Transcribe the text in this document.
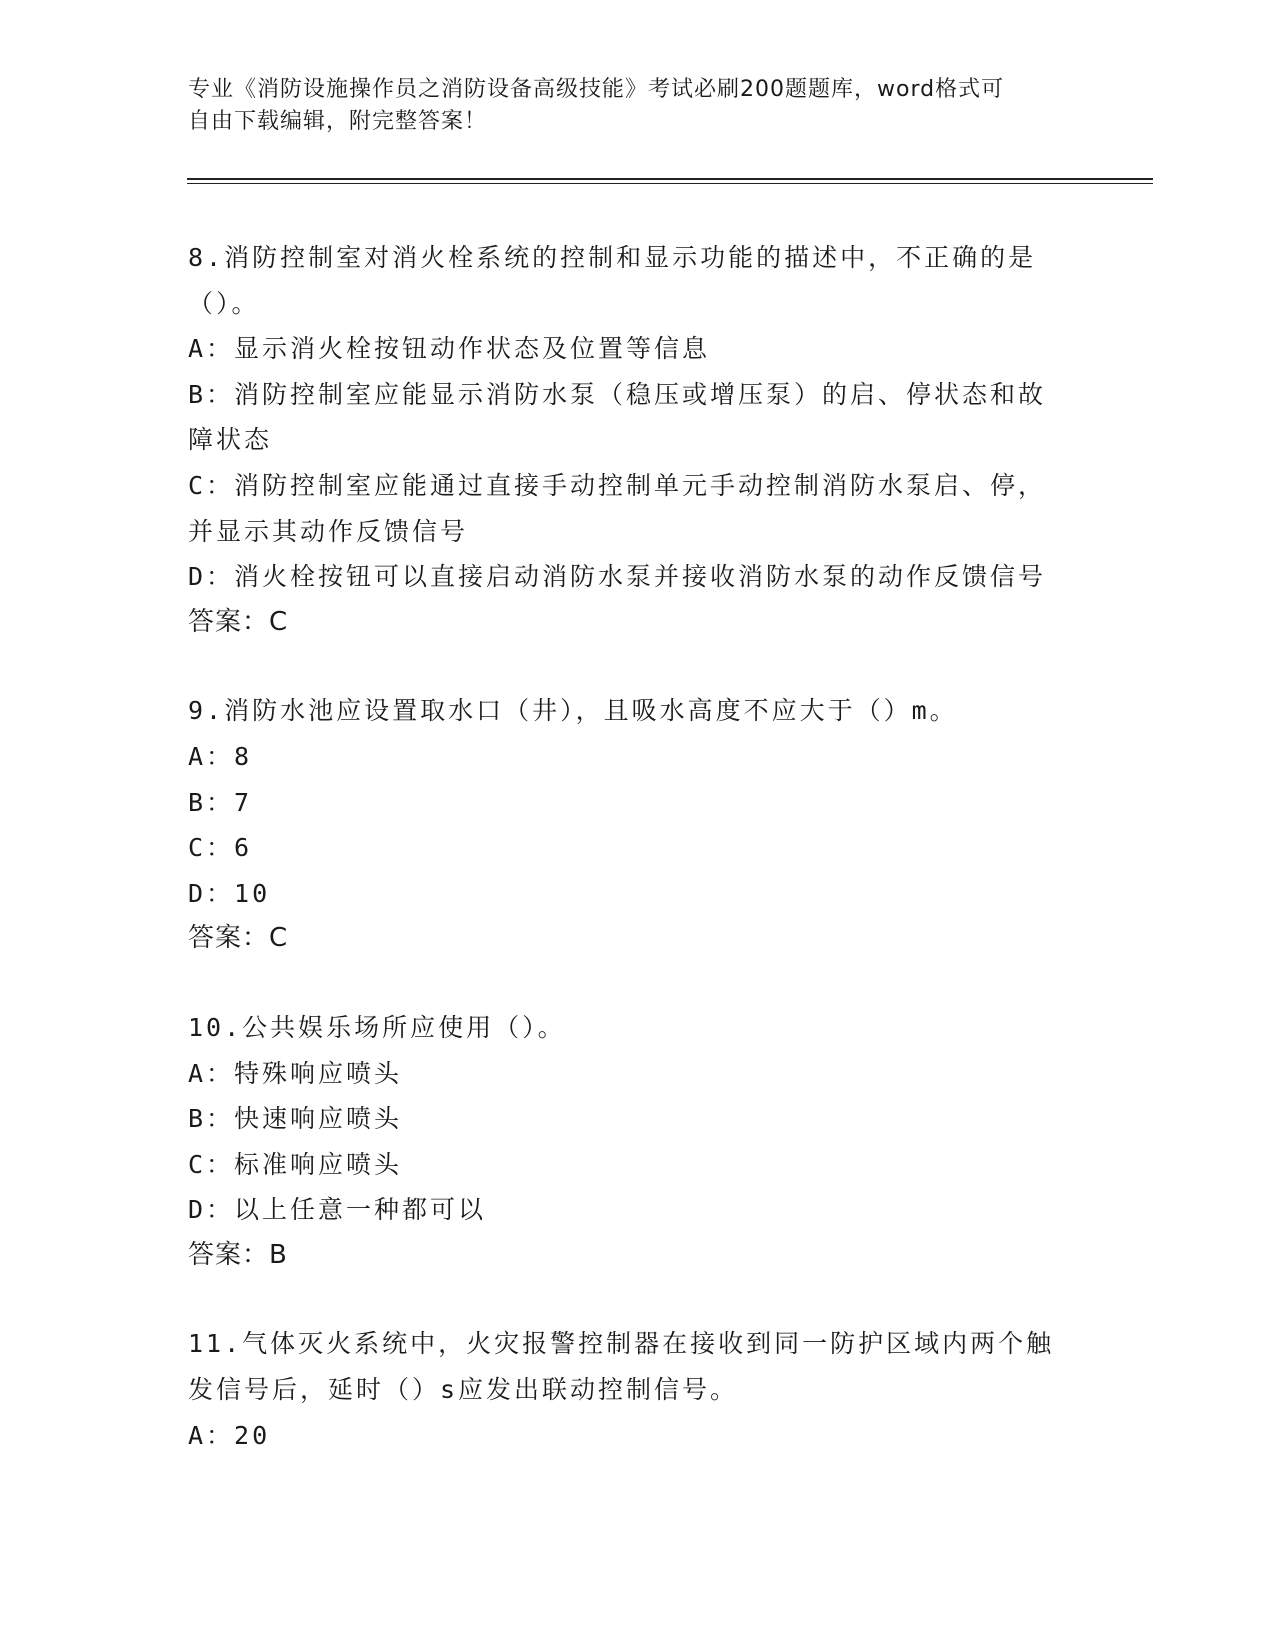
专业《消防设施操作员之消防设备高级技能》考试必刷200题题库，word格式可
自由下载编辑，附完整答案！
8.消防控制室对消火栓系统的控制和显示功能的描述中，不正确的是
（）。
A：显示消火栓按钮动作状态及位置等信息
B：消防控制室应能显示消防水泵（稳压或增压泵）的启、停状态和故
障状态
C：消防控制室应能通过直接手动控制单元手动控制消防水泵启、停，
并显示其动作反馈信号
D：消火栓按钮可以直接启动消防水泵并接收消防水泵的动作反馈信号
答案：C
9.消防水池应设置取水口（井），且吸水高度不应大于（）m。
A：8
B：7
C：6
D：10
答案：C
10.公共娱乐场所应使用（）。
A：特殊响应喷头
B：快速响应喷头
C：标准响应喷头
D：以上任意一种都可以
答案：B
11.气体灭火系统中，火灾报警控制器在接收到同一防护区域内两个触
发信号后，延时（）s应发出联动控制信号。
A：20
